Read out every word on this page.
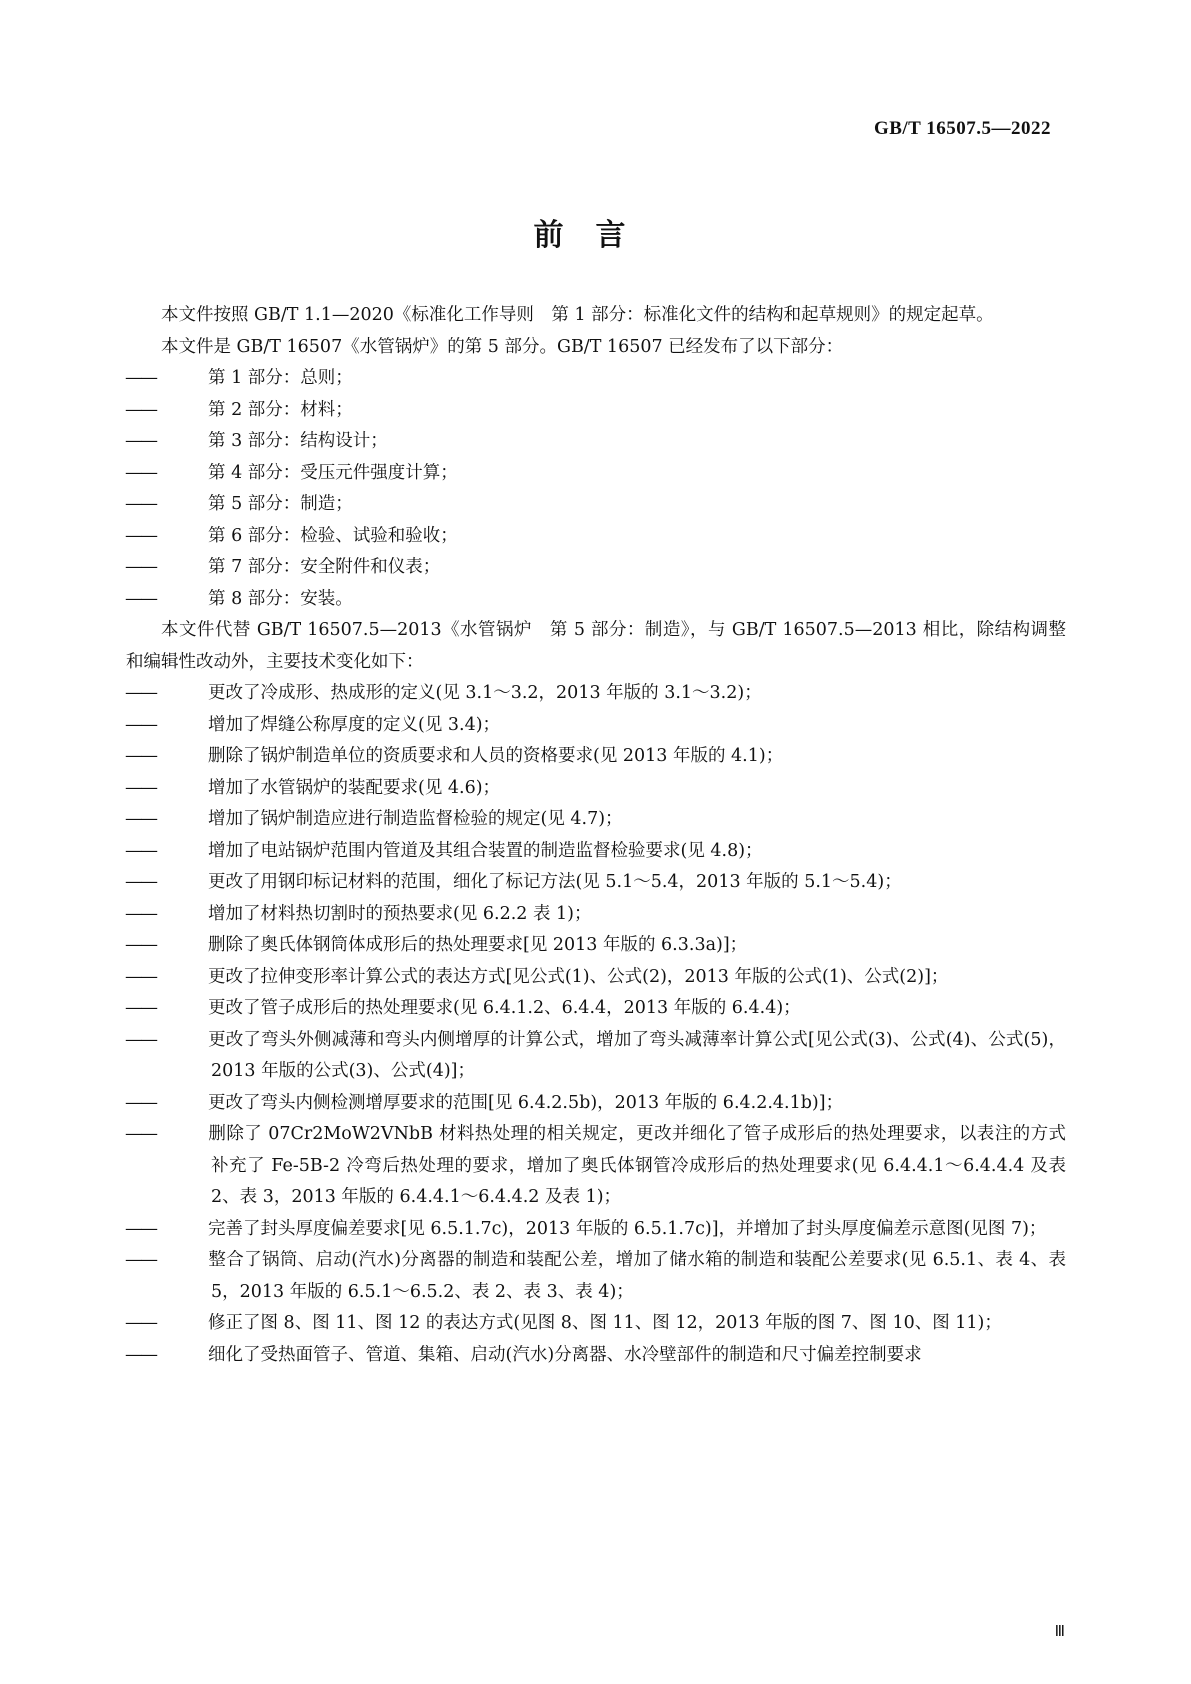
GB/T 16507.5—2022
前言

本文件按照 GB/T 1.1—2020《标准化工作导则　第 1 部分：标准化文件的结构和起草规则》的规定起草。

本文件是 GB/T 16507《水管锅炉》的第 5 部分。GB/T 16507 已经发布了以下部分：

——	第 1 部分：总则；

——	第 2 部分：材料；

——	第 3 部分：结构设计；

——	第 4 部分：受压元件强度计算；

——	第 5 部分：制造；

——	第 6 部分：检验、试验和验收；

——	第 7 部分：安全附件和仪表；

——	第 8 部分：安装。

本文件代替 GB/T 16507.5—2013《水管锅炉　第 5 部分：制造》，与 GB/T 16507.5—2013 相比，除结构调整和编辑性改动外，主要技术变化如下：

——	更改了冷成形、热成形的定义(见 3.1～3.2，2013 年版的 3.1～3.2)；

——	增加了焊缝公称厚度的定义(见 3.4)；

——	删除了锅炉制造单位的资质要求和人员的资格要求(见 2013 年版的 4.1)；

——	增加了水管锅炉的装配要求(见 4.6)；

——	增加了锅炉制造应进行制造监督检验的规定(见 4.7)；

——	增加了电站锅炉范围内管道及其组合装置的制造监督检验要求(见 4.8)；

——	更改了用钢印标记材料的范围，细化了标记方法(见 5.1～5.4，2013 年版的 5.1～5.4)；

——	增加了材料热切割时的预热要求(见 6.2.2 表 1)；

——	删除了奥氏体钢筒体成形后的热处理要求[见 2013 年版的 6.3.3a)]；

——	更改了拉伸变形率计算公式的表达方式[见公式(1)、公式(2)，2013 年版的公式(1)、公式(2)]；

——	更改了管子成形后的热处理要求(见 6.4.1.2、6.4.4，2013 年版的 6.4.4)；

——	更改了弯头外侧减薄和弯头内侧增厚的计算公式，增加了弯头减薄率计算公式[见公式(3)、公式(4)、公式(5)，2013 年版的公式(3)、公式(4)]；

——	更改了弯头内侧检测增厚要求的范围[见 6.4.2.5b)，2013 年版的 6.4.2.4.1b)]；

——	删除了 07Cr2MoW2VNbB 材料热处理的相关规定，更改并细化了管子成形后的热处理要求，以表注的方式补充了 Fe-5B-2 冷弯后热处理的要求，增加了奥氏体钢管冷成形后的热处理要求(见 6.4.4.1～6.4.4.4 及表 2、表 3，2013 年版的 6.4.4.1～6.4.4.2 及表 1)；

——	完善了封头厚度偏差要求[见 6.5.1.7c)，2013 年版的 6.5.1.7c)]，并增加了封头厚度偏差示意图(见图 7)；

——	整合了锅筒、启动(汽水)分离器的制造和装配公差，增加了储水箱的制造和装配公差要求(见 6.5.1、表 4、表 5，2013 年版的 6.5.1～6.5.2、表 2、表 3、表 4)；

——	修正了图 8、图 11、图 12 的表达方式(见图 8、图 11、图 12，2013 年版的图 7、图 10、图 11)；

——	细化了受热面管子、管道、集箱、启动(汽水)分离器、水冷壁部件的制造和尺寸偏差控制要求

Ⅲ
